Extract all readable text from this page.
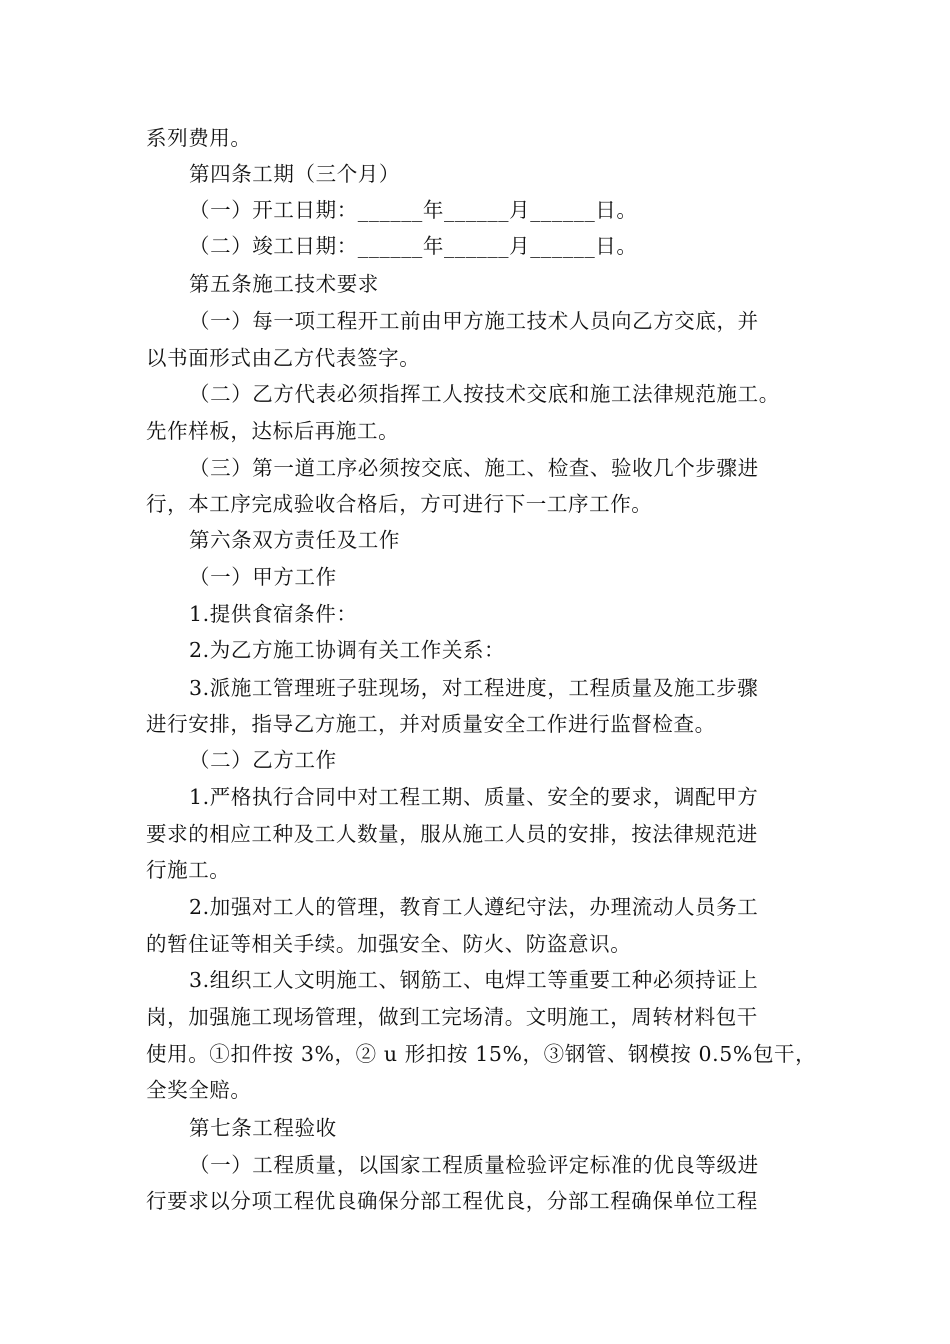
系列费用。
第四条工期（三个月）
（一）开工日期：______年______月______日。
（二）竣工日期：______年______月______日。
第五条施工技术要求
（一）每一项工程开工前由甲方施工技术人员向乙方交底，并
以书面形式由乙方代表签字。
（二）乙方代表必须指挥工人按技术交底和施工法律规范施工。
先作样板，达标后再施工。
（三）第一道工序必须按交底、施工、检查、验收几个步骤进
行，本工序完成验收合格后，方可进行下一工序工作。
第六条双方责任及工作
（一）甲方工作
1.提供食宿条件：
2.为乙方施工协调有关工作关系：
3.派施工管理班子驻现场，对工程进度，工程质量及施工步骤
进行安排，指导乙方施工，并对质量安全工作进行监督检查。
（二）乙方工作
1.严格执行合同中对工程工期、质量、安全的要求，调配甲方
要求的相应工种及工人数量，服从施工人员的安排，按法律规范进
行施工。
2.加强对工人的管理，教育工人遵纪守法，办理流动人员务工
的暂住证等相关手续。加强安全、防火、防盗意识。
3.组织工人文明施工、钢筋工、电焊工等重要工种必须持证上
岗，加强施工现场管理，做到工完场清。文明施工，周转材料包干
使用。①扣件按 3%，② u 形扣按 15%，③钢管、钢模按 0.5%包干，
全奖全赔。
第七条工程验收
（一）工程质量，以国家工程质量检验评定标准的优良等级进
行要求以分项工程优良确保分部工程优良，分部工程确保单位工程
